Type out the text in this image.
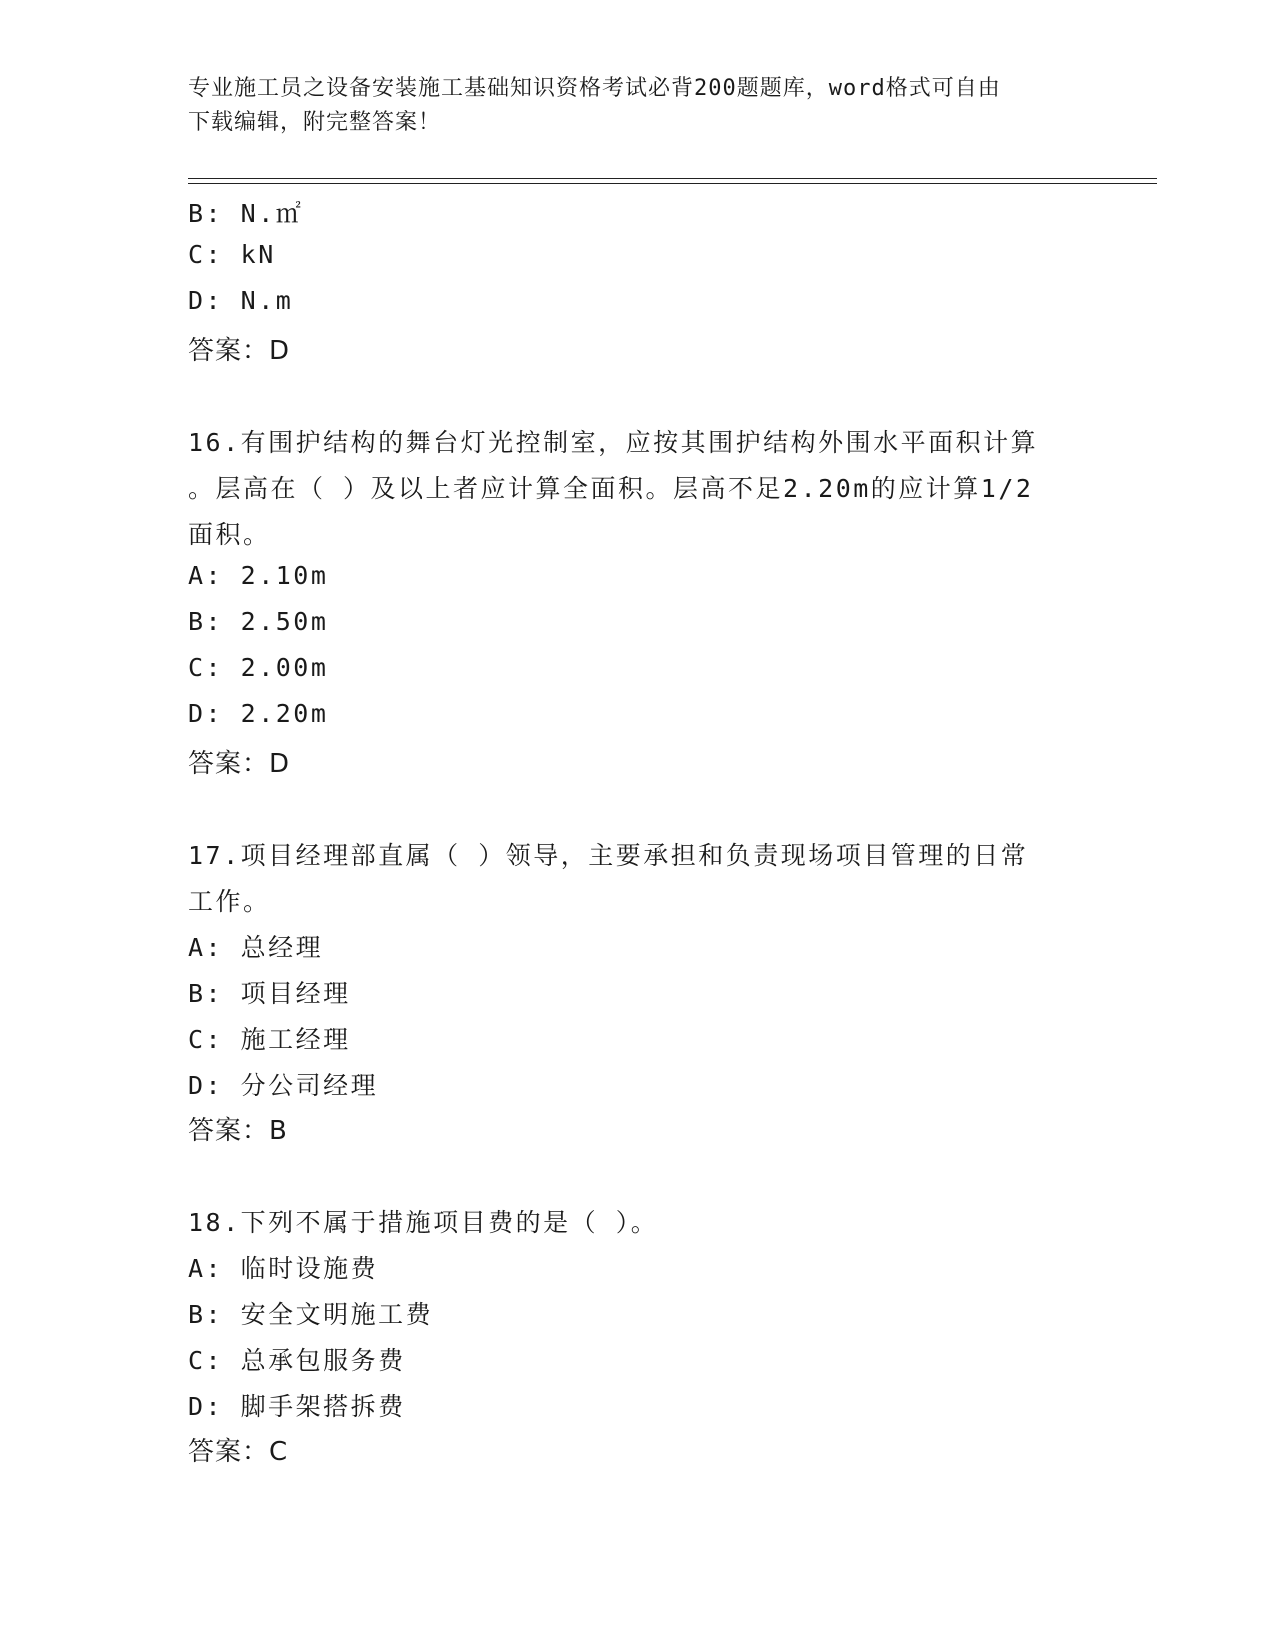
专业施工员之设备安装施工基础知识资格考试必背200题题库，word格式可自由
下载编辑，附完整答案！
B: N.㎡
C: kN
D: N.m
答案：D
16.有围护结构的舞台灯光控制室，应按其围护结构外围水平面积计算
。层高在（ ）及以上者应计算全面积。层高不足2.20m的应计算1/2
面积。
A: 2.10m
B: 2.50m
C: 2.00m
D: 2.20m
答案：D
17.项目经理部直属（ ）领导，主要承担和负责现场项目管理的日常
工作。
A: 总经理
B: 项目经理
C: 施工经理
D: 分公司经理
答案：B
18.下列不属于措施项目费的是（ ）。
A: 临时设施费
B: 安全文明施工费
C: 总承包服务费
D: 脚手架搭拆费
答案：C
